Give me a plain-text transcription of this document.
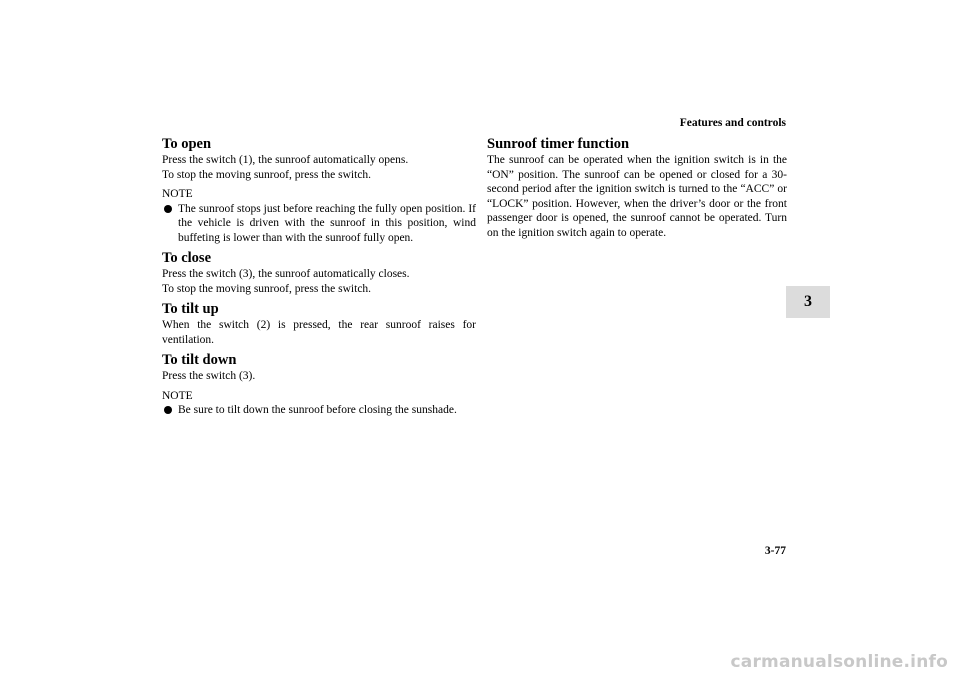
Features and controls
3
To open

Press the switch (1), the sunroof automatically opens.

To stop the moving sunroof, press the switch.

NOTE

The sunroof stops just before reaching the fully open position. If the vehicle is driven with the sunroof in this position, wind buffeting is lower than with the sunroof fully open.
To close

Press the switch (3), the sunroof automatically closes.

To stop the moving sunroof, press the switch.

To tilt up

When the switch (2) is pressed, the rear sunroof raises for ventilation.

To tilt down

Press the switch (3).

NOTE

Be sure to tilt down the sunroof before closing the sunshade.
Sunroof timer function

The sunroof can be operated when the ignition switch is in the “ON” position. The sunroof can be opened or closed for a 30-second period after the ignition switch is turned to the “ACC” or “LOCK” position. However, when the driver’s door or the front passenger door is opened, the sunroof cannot be operated. Turn on the ignition switch again to operate.

3-77
carmanualsonline.info
